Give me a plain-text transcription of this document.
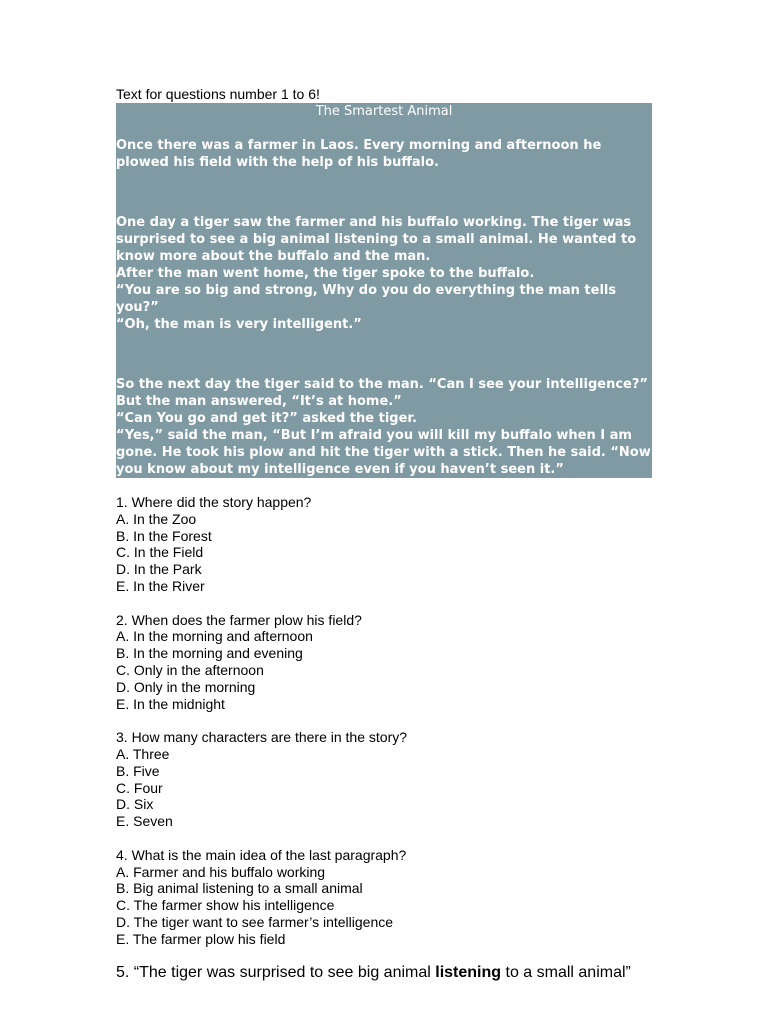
Text for questions number 1 to 6!

The Smartest Animal

Once there was a farmer in Laos. Every morning and afternoon he plowed his field with the help of his buffalo.

One day a tiger saw the farmer and his buffalo working. The tiger was surprised to see a big animal listening to a small animal. He wanted to know more about the buffalo and the man.

After the man went home, the tiger spoke to the buffalo.

“You are so big and strong, Why do you do everything the man tells you?”

“Oh, the man is very intelligent.”

So the next day the tiger said to the man. “Can I see your intelligence?” But the man answered, “It’s at home.”

“Can You go and get it?” asked the tiger.

“Yes,” said the man, “But I’m afraid you will kill my buffalo when I am gone. He took his plow and hit the tiger with a stick. Then he said. “Now you know about my intelligence even if you haven’t seen it.”

1. Where did the story happen?

A. In the Zoo

B. In the Forest

C. In the Field

D. In the Park

E. In the River

2. When does the farmer plow his field?

A. In the morning and afternoon

B. In the morning and evening

C. Only in the afternoon

D. Only in the morning

E. In the midnight

3. How many characters are there in the story?

A. Three

B. Five

C. Four

D. Six

E. Seven

4. What is the main idea of the last paragraph?

A. Farmer and his buffalo working

B. Big animal listening to a small animal

C. The farmer show his intelligence

D. The tiger want to see farmer’s intelligence

E. The farmer plow his field

5. “The tiger was surprised to see big animal listening to a small animal”
